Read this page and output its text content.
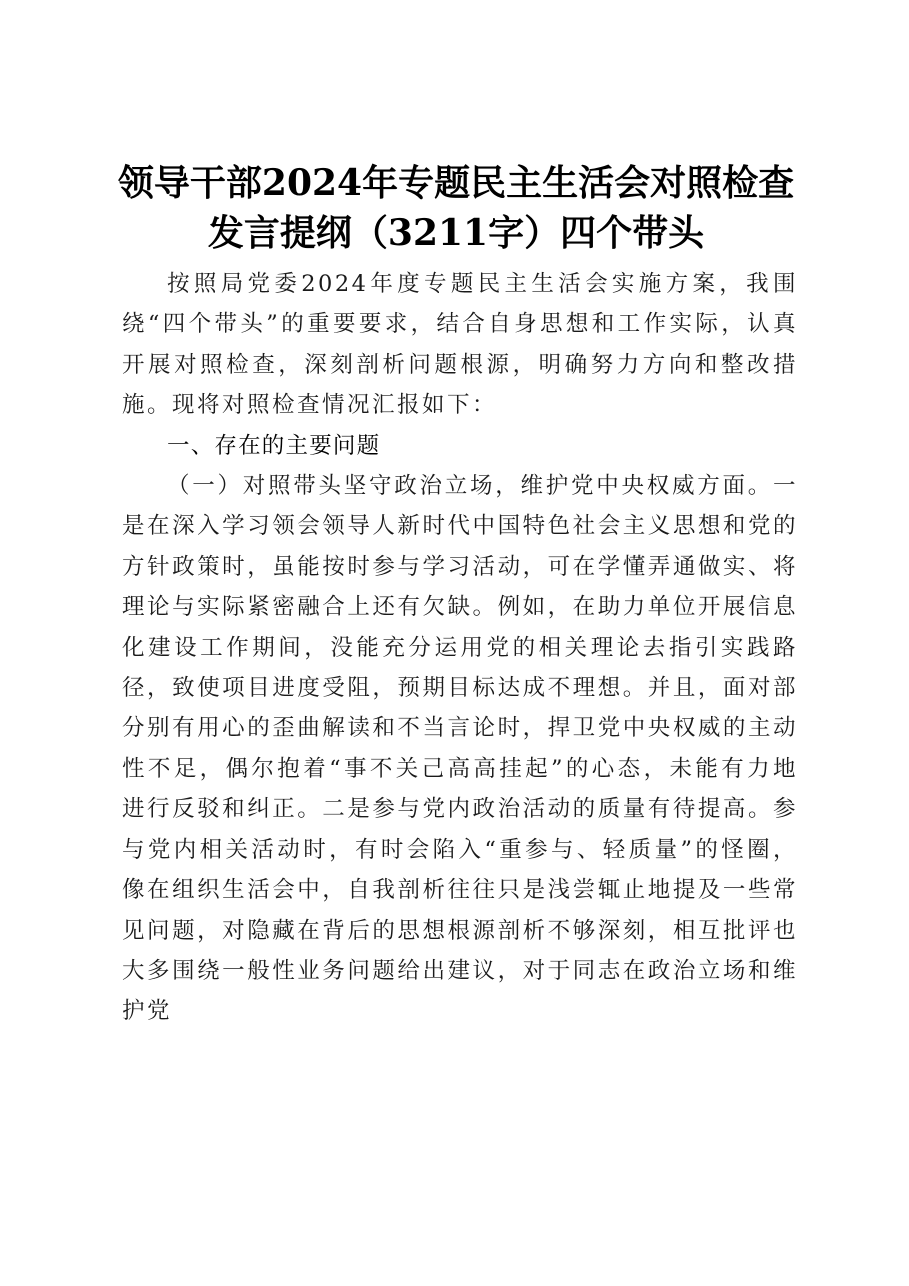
领导干部2024年专题民主生活会对照检查发言提纲（3211字）四个带头

按照局党委2024年度专题民主生活会实施方案，我围绕“四个带头”的重要要求，结合自身思想和工作实际，认真开展对照检查，深刻剖析问题根源，明确努力方向和整改措施。现将对照检查情况汇报如下：

一、存在的主要问题

（一）对照带头坚守政治立场，维护党中央权威方面。一是在深入学习领会领导人新时代中国特色社会主义思想和党的方针政策时，虽能按时参与学习活动，可在学懂弄通做实、将理论与实际紧密融合上还有欠缺。例如，在助力单位开展信息化建设工作期间，没能充分运用党的相关理论去指引实践路径，致使项目进度受阻，预期目标达成不理想。并且，面对部分别有用心的歪曲解读和不当言论时，捍卫党中央权威的主动性不足，偶尔抱着“事不关己高高挂起”的心态，未能有力地进行反驳和纠正。二是参与党内政治活动的质量有待提高。参与党内相关活动时，有时会陷入“重参与、轻质量”的怪圈，像在组织生活会中，自我剖析往往只是浅尝辄止地提及一些常见问题，对隐藏在背后的思想根源剖析不够深刻，相互批评也大多围绕一般性业务问题给出建议，对于同志在政治立场和维护党
